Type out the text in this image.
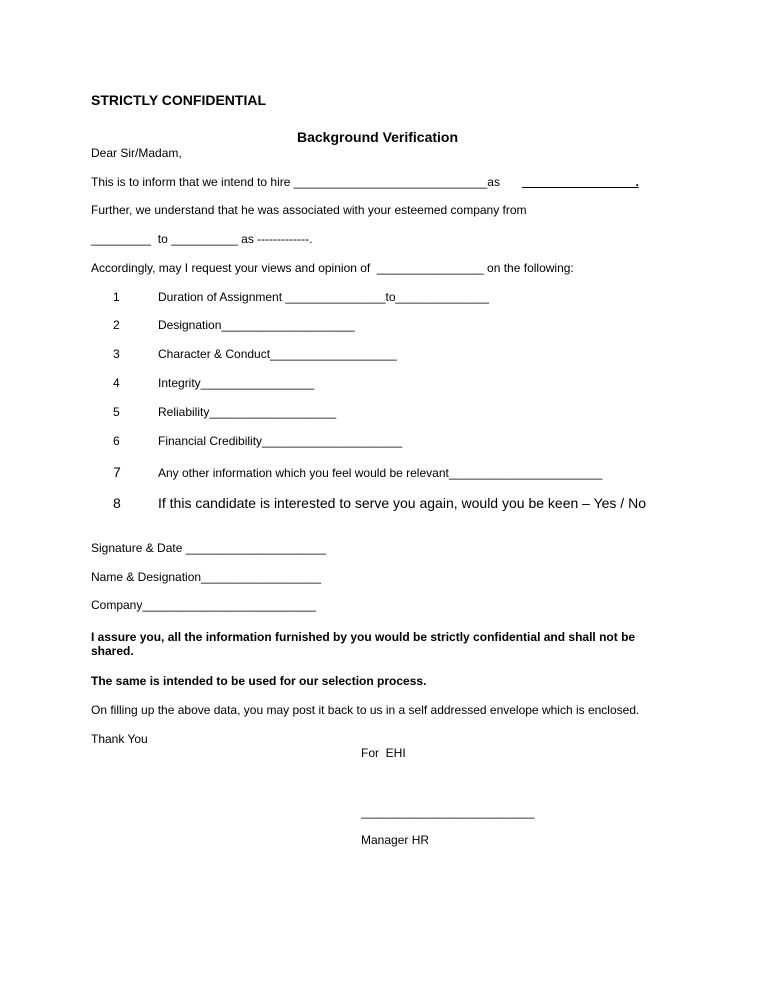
STRICTLY CONFIDENTIAL
Background Verification
Dear Sir/Madam,
This is to inform that we intend to hire _____________________________as _________________.
Further, we understand that he was associated with your esteemed company from
_________  to __________ as -------------.
Accordingly, may I request your views and opinion of  ________________ on the following:
1	Duration of Assignment _______________to______________
2	Designation____________________
3	Character & Conduct___________________
4	Integrity_________________
5	Reliability___________________
6	Financial Credibility_____________________
7	Any other information which you feel would be relevant_______________________
8	If this candidate is interested to serve you again, would you be keen – Yes / No
Signature & Date _____________________
Name & Designation__________________
Company__________________________
I assure you, all the information furnished by you would be strictly confidential and shall not be shared.
The same is intended to be used for our selection process.
On filling up the above data, you may post it back to us in a self addressed envelope which is enclosed.
Thank You
For  EHI
__________________________
Manager HR
